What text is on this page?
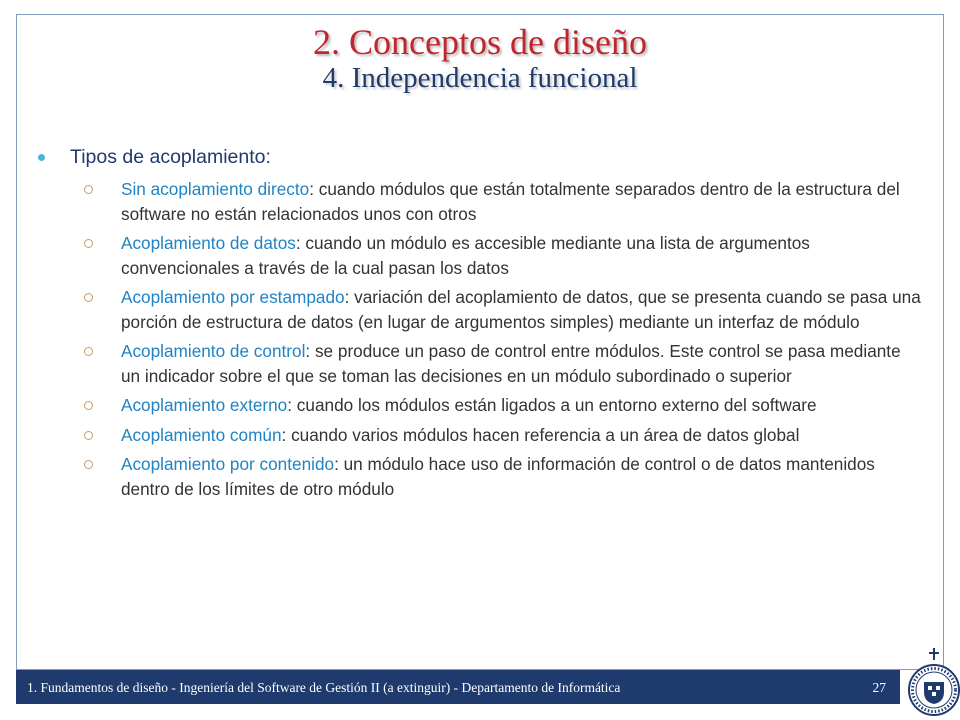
2. Conceptos de diseño
4. Independencia funcional
Tipos de acoplamiento:
Sin acoplamiento directo: cuando módulos que están totalmente separados dentro de la estructura del software no están relacionados unos con otros
Acoplamiento de datos: cuando un módulo es accesible mediante una lista de argumentos convencionales a través de la cual pasan los datos
Acoplamiento por estampado: variación del acoplamiento de datos, que se presenta cuando se pasa una porción de estructura de datos (en lugar de argumentos simples) mediante un interfaz de módulo
Acoplamiento de control: se produce un paso de control entre módulos. Este control se pasa mediante un indicador sobre el que se toman las decisiones en un módulo subordinado o superior
Acoplamiento externo: cuando los módulos están ligados a un entorno externo del software
Acoplamiento común: cuando varios módulos hacen referencia a un área de datos global
Acoplamiento por contenido: un módulo hace uso de información de control o de datos mantenidos dentro de los límites de otro módulo
1. Fundamentos de diseño - Ingeniería del Software de Gestión II (a extinguir) - Departamento de Informática	27
